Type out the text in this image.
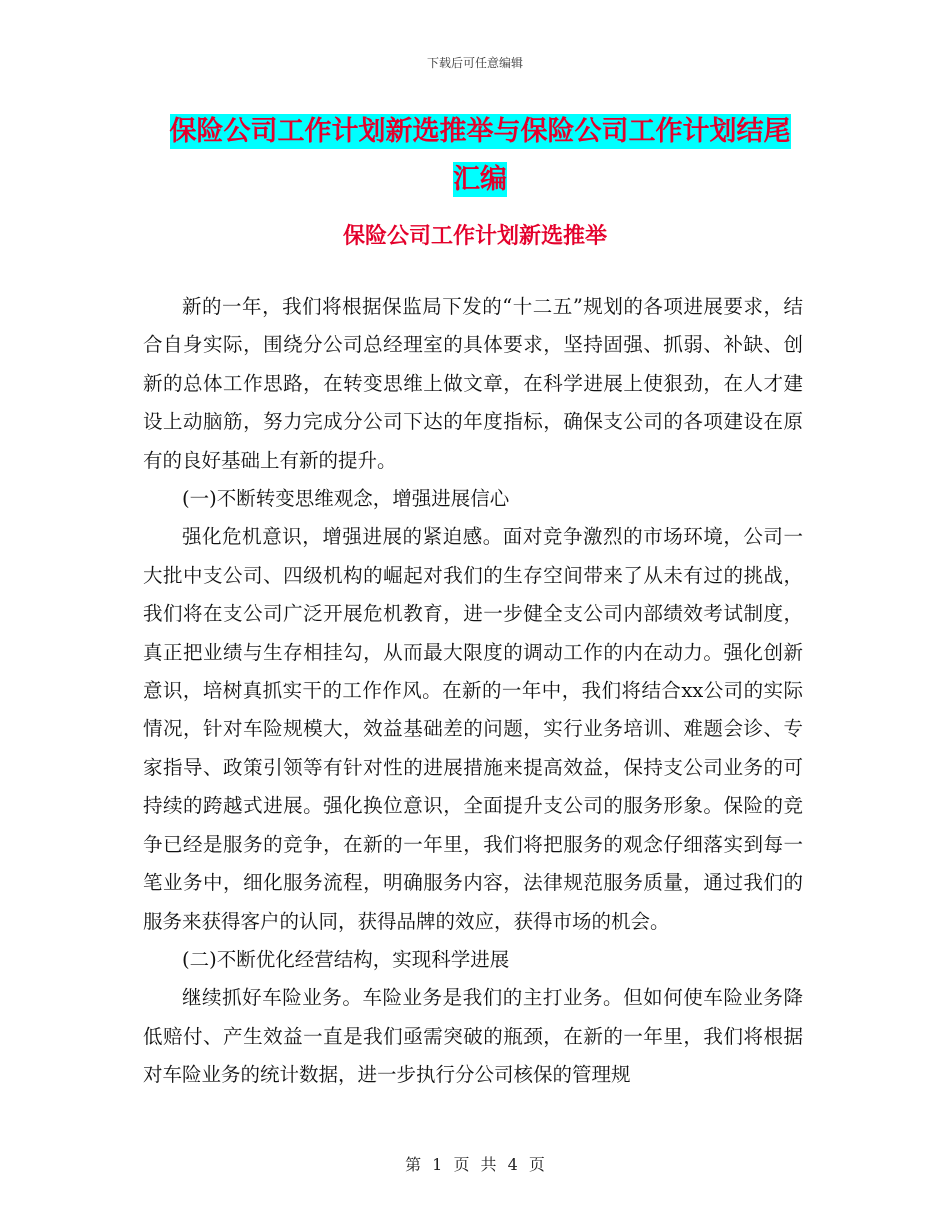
下载后可任意编辑
保险公司工作计划新选推举与保险公司工作计划结尾
汇编
保险公司工作计划新选推举

新的一年，我们将根据保监局下发的“十二五”规划的各项进展要求，结合自身实际，围绕分公司总经理室的具体要求，坚持固强、抓弱、补缺、创新的总体工作思路，在转变思维上做文章，在科学进展上使狠劲，在人才建设上动脑筋，努力完成分公司下达的年度指标，确保支公司的各项建设在原有的良好基础上有新的提升。

(一)不断转变思维观念，增强进展信心

强化危机意识，增强进展的紧迫感。面对竞争激烈的市场环境，公司一大批中支公司、四级机构的崛起对我们的生存空间带来了从未有过的挑战，我们将在支公司广泛开展危机教育，进一步健全支公司内部绩效考试制度，真正把业绩与生存相挂勾，从而最大限度的调动工作的内在动力。强化创新意识，培树真抓实干的工作作风。在新的一年中，我们将结合xx公司的实际情况，针对车险规模大，效益基础差的问题，实行业务培训、难题会诊、专家指导、政策引领等有针对性的进展措施来提高效益，保持支公司业务的可持续的跨越式进展。强化换位意识，全面提升支公司的服务形象。保险的竞争已经是服务的竞争，在新的一年里，我们将把服务的观念仔细落实到每一笔业务中，细化服务流程，明确服务内容，法律规范服务质量，通过我们的服务来获得客户的认同，获得品牌的效应，获得市场的机会。

(二)不断优化经营结构，实现科学进展

继续抓好车险业务。车险业务是我们的主打业务。但如何使车险业务降低赔付、产生效益一直是我们亟需突破的瓶颈，在新的一年里，我们将根据对车险业务的统计数据，进一步执行分公司核保的管理规

第 1 页 共 4 页
